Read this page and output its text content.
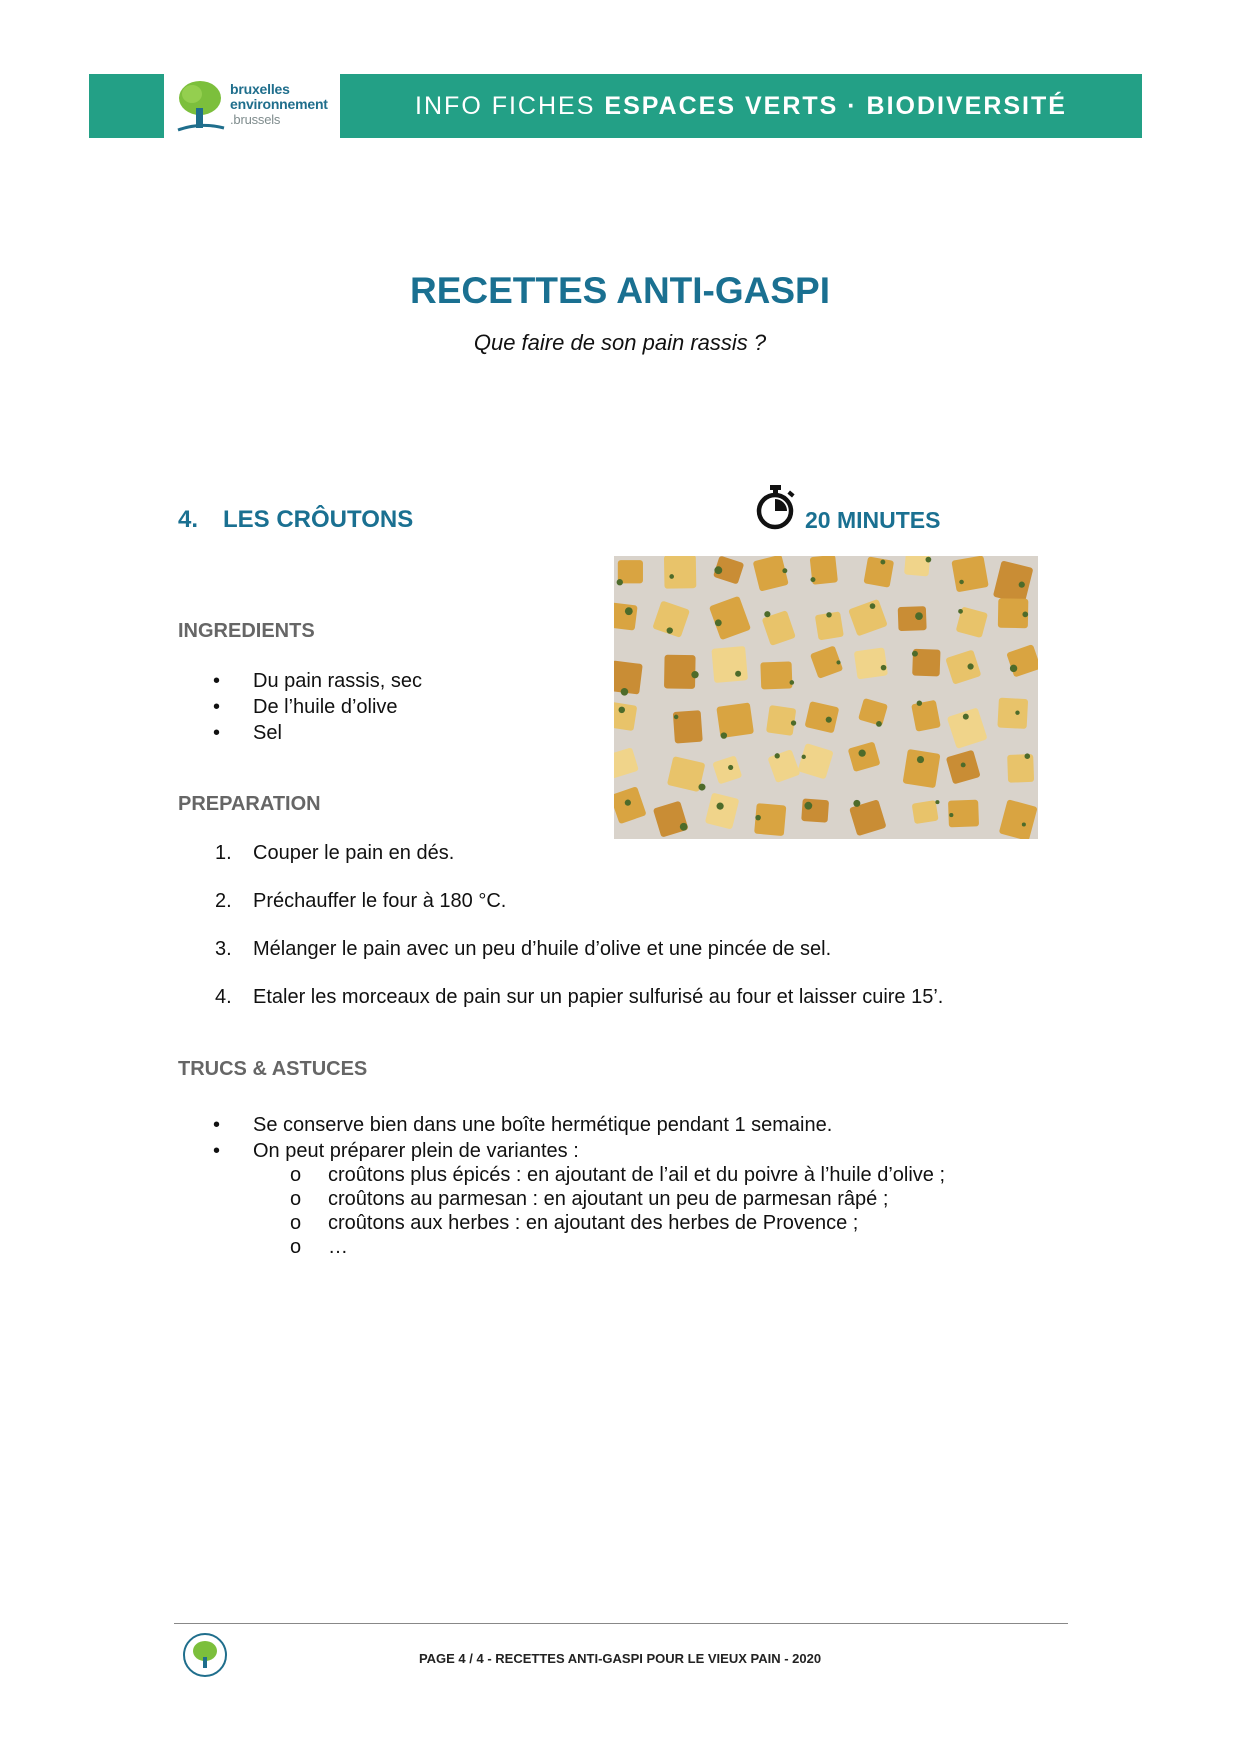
bruxelles
environnement
.brussels	INFO FICHES ESPACES VERTS · BIODIVERSITÉ
RECETTES ANTI-GASPI
Que faire de son pain rassis ?
4. LES CRÔUTONS	20 MINUTES
INGREDIENTS
• Du pain rassis, sec
• De l’huile d’olive
• Sel
PREPARATION
1. Couper le pain en dés.
2. Préchauffer le four à 180 °C.
3. Mélanger le pain avec un peu d’huile d’olive et une pincée de sel.
4. Etaler les morceaux de pain sur un papier sulfurisé au four et laisser cuire 15’.
TRUCS & ASTUCES
• Se conserve bien dans une boîte hermétique pendant 1 semaine.
• On peut préparer plein de variantes :
o croûtons plus épicés : en ajoutant de l’ail et du poivre à l’huile d’olive ;
o croûtons au parmesan : en ajoutant un peu de parmesan râpé ;
o croûtons aux herbes : en ajoutant des herbes de Provence ;
o …
PAGE 4 / 4 - RECETTES ANTI-GASPI POUR LE VIEUX PAIN - 2020
